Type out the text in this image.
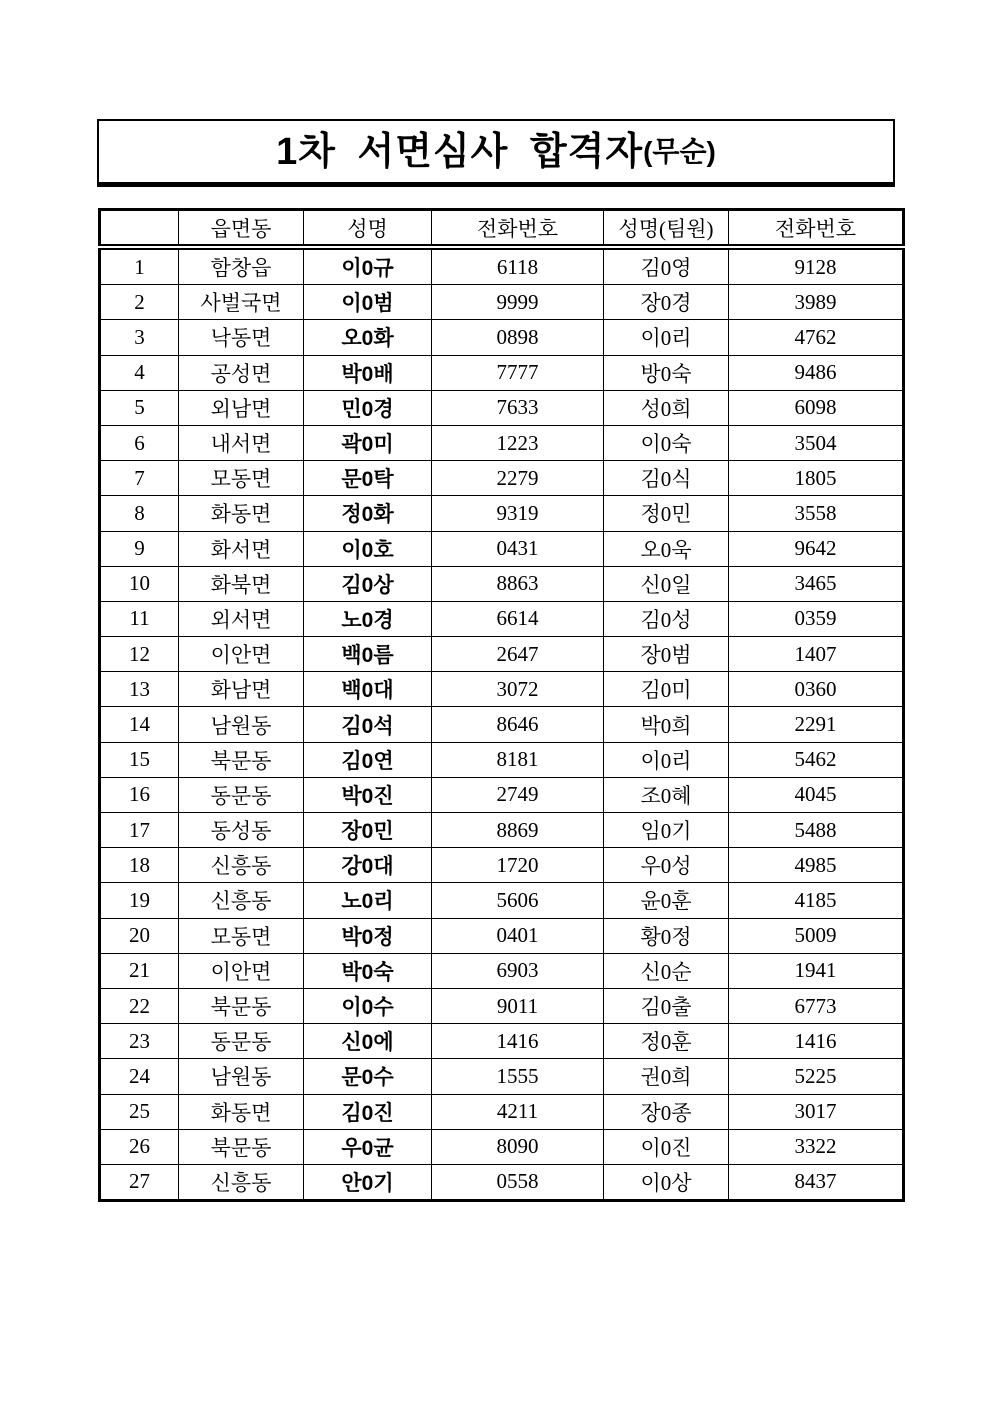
1차 서면심사 합격자 (무순)
	읍면동	성명	전화번호	성명(팀원)	전화번호
1	함창읍	이0규	6118	김0영	9128
2	사벌국면	이0범	9999	장0경	3989
3	낙동면	오0화	0898	이0리	4762
4	공성면	박0배	7777	방0숙	9486
5	외남면	민0경	7633	성0희	6098
6	내서면	곽0미	1223	이0숙	3504
7	모동면	문0탁	2279	김0식	1805
8	화동면	정0화	9319	정0민	3558
9	화서면	이0호	0431	오0욱	9642
10	화북면	김0상	8863	신0일	3465
11	외서면	노0경	6614	김0성	0359
12	이안면	백0름	2647	장0범	1407
13	화남면	백0대	3072	김0미	0360
14	남원동	김0석	8646	박0희	2291
15	북문동	김0연	8181	이0리	5462
16	동문동	박0진	2749	조0혜	4045
17	동성동	장0민	8869	임0기	5488
18	신흥동	강0대	1720	우0성	4985
19	신흥동	노0리	5606	윤0훈	4185
20	모동면	박0정	0401	황0정	5009
21	이안면	박0숙	6903	신0순	1941
22	북문동	이0수	9011	김0출	6773
23	동문동	신0에	1416	정0훈	1416
24	남원동	문0수	1555	권0희	5225
25	화동면	김0진	4211	장0종	3017
26	북문동	우0균	8090	이0진	3322
27	신흥동	안0기	0558	이0상	8437
